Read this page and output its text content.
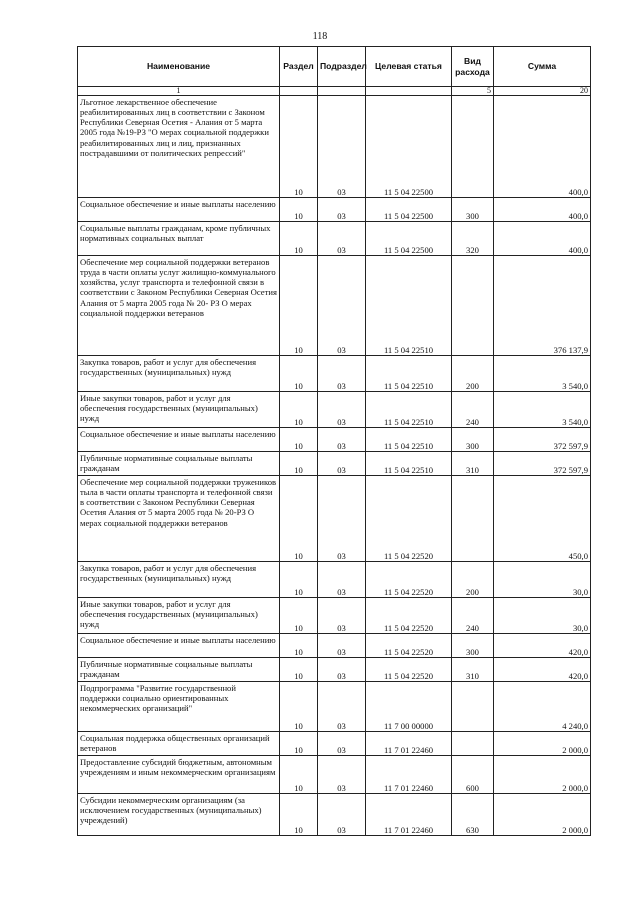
118
Наименование	Раздел	Подраздел	Целевая статья	Вид расхода	Сумма
1				5	20
Льготное лекарственное обеспечение реабилитированных лиц в соответствии с Законом Республики Северная Осетия - Алания от 5 марта 2005 года №19-РЗ "О мерах социальной поддержки реабилитированных лиц и лиц, признанных пострадавшими от политических репрессий"	10	03	11 5 04 22500		400,0
Социальное обеспечение и иные выплаты населению	10	03	11 5 04 22500	300	400,0
Социальные выплаты гражданам, кроме публичных нормативных социальных выплат	10	03	11 5 04 22500	320	400,0
Обеспечение мер социальной поддержки ветеранов труда в части оплаты услуг жилищно-коммунального хозяйства, услуг транспорта и телефонной связи в соответствии с Законом Республики Северная Осетия Алания от 5 марта 2005 года № 20- РЗ О мерах социальной поддержки ветеранов	10	03	11 5 04 22510		376 137,9
Закупка товаров, работ и услуг для обеспечения государственных (муниципальных) нужд	10	03	11 5 04 22510	200	3 540,0
Иные закупки товаров, работ и услуг для обеспечения государственных (муниципальных) нужд	10	03	11 5 04 22510	240	3 540,0
Социальное обеспечение и иные выплаты населению	10	03	11 5 04 22510	300	372 597,9
Публичные нормативные социальные выплаты гражданам	10	03	11 5 04 22510	310	372 597,9
Обеспечение мер социальной поддержки тружеников тыла в части оплаты транспорта и телефонной связи в соответствии с Законом Республики Северная Осетия Алания от 5 марта 2005 года № 20-РЗ О мерах социальной поддержки ветеранов	10	03	11 5 04 22520		450,0
Закупка товаров, работ и услуг для обеспечения государственных (муниципальных) нужд	10	03	11 5 04 22520	200	30,0
Иные закупки товаров, работ и услуг для обеспечения государственных (муниципальных) нужд	10	03	11 5 04 22520	240	30,0
Социальное обеспечение и иные выплаты населению	10	03	11 5 04 22520	300	420,0
Публичные нормативные социальные выплаты гражданам	10	03	11 5 04 22520	310	420,0
Подпрограмма "Развитие государственной поддержки социально ориентированных некоммерческих организаций"	10	03	11 7 00 00000		4 240,0
Социальная поддержка общественных организаций ветеранов	10	03	11 7 01 22460		2 000,0
Предоставление субсидий бюджетным, автономным учреждениям и иным некоммерческим организациям	10	03	11 7 01 22460	600	2 000,0
Субсидии некоммерческим организациям (за исключением государственных (муниципальных) учреждений)	10	03	11 7 01 22460	630	2 000,0
